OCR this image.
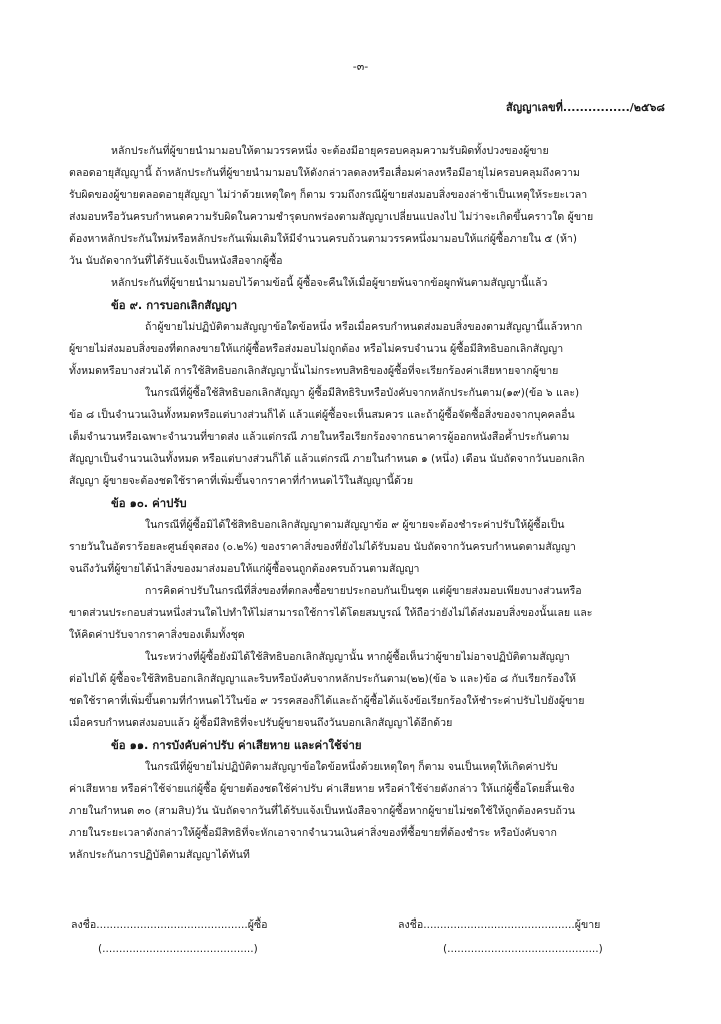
-๓-
สัญญาเลขที่................/๒๕๖๘
หลักประกันที่ผู้ขายนำมามอบให้ตามวรรคหนึ่ง จะต้องมีอายุครอบคลุมความรับผิดทั้งปวงของผู้ขาย
ตลอดอายุสัญญานี้ ถ้าหลักประกันที่ผู้ขายนำมามอบให้ดังกล่าวลดลงหรือเสื่อมค่าลงหรือมีอายุไม่ครอบคลุมถึงความ
รับผิดของผู้ขายตลอดอายุสัญญา ไม่ว่าด้วยเหตุใดๆ ก็ตาม รวมถึงกรณีผู้ขายส่งมอบสิ่งของล่าช้าเป็นเหตุให้ระยะเวลา
ส่งมอบหรือวันครบกำหนดความรับผิดในความชำรุดบกพร่องตามสัญญาเปลี่ยนแปลงไป ไม่ว่าจะเกิดขึ้นคราวใด ผู้ขาย
ต้องหาหลักประกันใหม่หรือหลักประกันเพิ่มเติมให้มีจำนวนครบถ้วนตามวรรคหนึ่งมามอบให้แก่ผู้ซื้อภายใน ๕ (ห้า)
วัน นับถัดจากวันที่ได้รับแจ้งเป็นหนังสือจากผู้ซื้อ
หลักประกันที่ผู้ขายนำมามอบไว้ตามข้อนี้ ผู้ซื้อจะคืนให้เมื่อผู้ขายพ้นจากข้อผูกพันตามสัญญานี้แล้ว
ข้อ ๙. การบอกเลิกสัญญา
ถ้าผู้ขายไม่ปฏิบัติตามสัญญาข้อใดข้อหนึ่ง หรือเมื่อครบกำหนดส่งมอบสิ่งของตามสัญญานี้แล้วหาก
ผู้ขายไม่ส่งมอบสิ่งของที่ตกลงขายให้แก่ผู้ซื้อหรือส่งมอบไม่ถูกต้อง หรือไม่ครบจำนวน ผู้ซื้อมีสิทธิบอกเลิกสัญญา
ทั้งหมดหรือบางส่วนได้ การใช้สิทธิบอกเลิกสัญญานั้นไม่กระทบสิทธิของผู้ซื้อที่จะเรียกร้องค่าเสียหายจากผู้ขาย
ในกรณีที่ผู้ซื้อใช้สิทธิบอกเลิกสัญญา ผู้ซื้อมีสิทธิริบหรือบังคับจากหลักประกันตาม(๑๙)(ข้อ ๖ และ)
ข้อ ๘ เป็นจำนวนเงินทั้งหมดหรือแต่บางส่วนก็ได้ แล้วแต่ผู้ซื้อจะเห็นสมควร และถ้าผู้ซื้อจัดซื้อสิ่งของจากบุคคลอื่น
เต็มจำนวนหรือเฉพาะจำนวนที่ขาดส่ง แล้วแต่กรณี ภายในหรือเรียกร้องจากธนาคารผู้ออกหนังสือค้ำประกันตาม
สัญญาเป็นจำนวนเงินทั้งหมด หรือแต่บางส่วนก็ได้ แล้วแต่กรณี ภายในกำหนด ๑ (หนึ่ง) เดือน นับถัดจากวันบอกเลิก
สัญญา ผู้ขายจะต้องชดใช้ราคาที่เพิ่มขึ้นจากราคาที่กำหนดไว้ในสัญญานี้ด้วย
ข้อ ๑๐. ค่าปรับ
ในกรณีที่ผู้ซื้อมิได้ใช้สิทธิบอกเลิกสัญญาตามสัญญาข้อ ๙ ผู้ขายจะต้องชำระค่าปรับให้ผู้ซื้อเป็น
รายวันในอัตราร้อยละศูนย์จุดสอง (๐.๒%) ของราคาสิ่งของที่ยังไม่ได้รับมอบ นับถัดจากวันครบกำหนดตามสัญญา
จนถึงวันที่ผู้ขายได้นำสิ่งของมาส่งมอบให้แก่ผู้ซื้อจนถูกต้องครบถ้วนตามสัญญา
การคิดค่าปรับในกรณีที่สิ่งของที่ตกลงซื้อขายประกอบกันเป็นชุด แต่ผู้ขายส่งมอบเพียงบางส่วนหรือ
ขาดส่วนประกอบส่วนหนึ่งส่วนใดไปทำให้ไม่สามารถใช้การได้โดยสมบูรณ์ ให้ถือว่ายังไม่ได้ส่งมอบสิ่งของนั้นเลย และ
ให้คิดค่าปรับจากราคาสิ่งของเต็มทั้งชุด
ในระหว่างที่ผู้ซื้อยังมิได้ใช้สิทธิบอกเลิกสัญญานั้น หากผู้ซื้อเห็นว่าผู้ขายไม่อาจปฏิบัติตามสัญญา
ต่อไปได้ ผู้ซื้อจะใช้สิทธิบอกเลิกสัญญาและริบหรือบังคับจากหลักประกันตาม(๒๒)(ข้อ ๖ และ)ข้อ ๘ กับเรียกร้องให้
ชดใช้ราคาที่เพิ่มขึ้นตามที่กำหนดไว้ในข้อ ๙ วรรคสองก็ได้และถ้าผู้ซื้อได้แจ้งข้อเรียกร้องให้ชำระค่าปรับไปยังผู้ขาย
เมื่อครบกำหนดส่งมอบแล้ว ผู้ซื้อมีสิทธิที่จะปรับผู้ขายจนถึงวันบอกเลิกสัญญาได้อีกด้วย
ข้อ ๑๑. การบังคับค่าปรับ ค่าเสียหาย และค่าใช้จ่าย
ในกรณีที่ผู้ขายไม่ปฏิบัติตามสัญญาข้อใดข้อหนึ่งด้วยเหตุใดๆ ก็ตาม จนเป็นเหตุให้เกิดค่าปรับ
ค่าเสียหาย หรือค่าใช้จ่ายแก่ผู้ซื้อ ผู้ขายต้องชดใช้ค่าปรับ ค่าเสียหาย หรือค่าใช้จ่ายดังกล่าว ให้แก่ผู้ซื้อโดยสิ้นเชิง
ภายในกำหนด ๓๐ (สามสิบ)วัน นับถัดจากวันที่ได้รับแจ้งเป็นหนังสือจากผู้ซื้อหากผู้ขายไม่ชดใช้ให้ถูกต้องครบถ้วน
ภายในระยะเวลาดังกล่าวให้ผู้ซื้อมีสิทธิที่จะหักเอาจากจำนวนเงินค่าสิ่งของที่ซื้อขายที่ต้องชำระ หรือบังคับจาก
หลักประกันการปฏิบัติตามสัญญาได้ทันที
ลงชื่อ.............................................ผู้ซื้อ
(.............................................)
ลงชื่อ.............................................ผู้ขาย
(.............................................)
